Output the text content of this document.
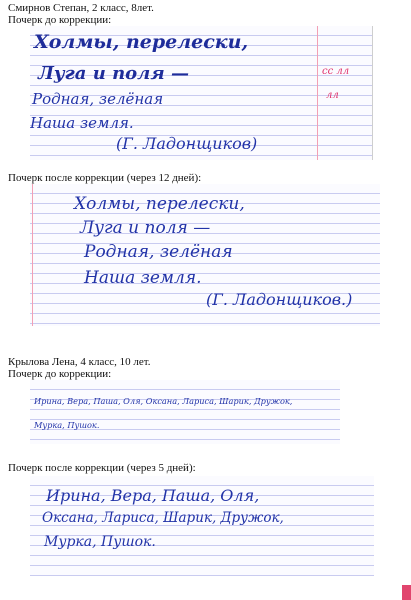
Смирнов Степан, 2 класс, 8лет.
Почерк до коррекции:
Холмы, перелески,
Луга и поля —
Родная, зелёная
Наша земля.
(Г. Ладонщиков)
сс лл
лл
Почерк после коррекции (через 12 дней):
Холмы, перелески,
Луга и поля —
Родная, зелёная
Наша земля.
(Г. Ладонщиков.)
Крылова Лена, 4 класс, 10 лет.
Почерк до коррекции:
Ирина, Вера, Паша, Оля, Оксана, Лариса, Шарик, Дружок,
Мурка, Пушок.
Почерк после коррекции (через 5 дней):
Ирина, Вера, Паша, Оля,
Оксана, Лариса, Шарик, Дружок,
Мурка, Пушок.
